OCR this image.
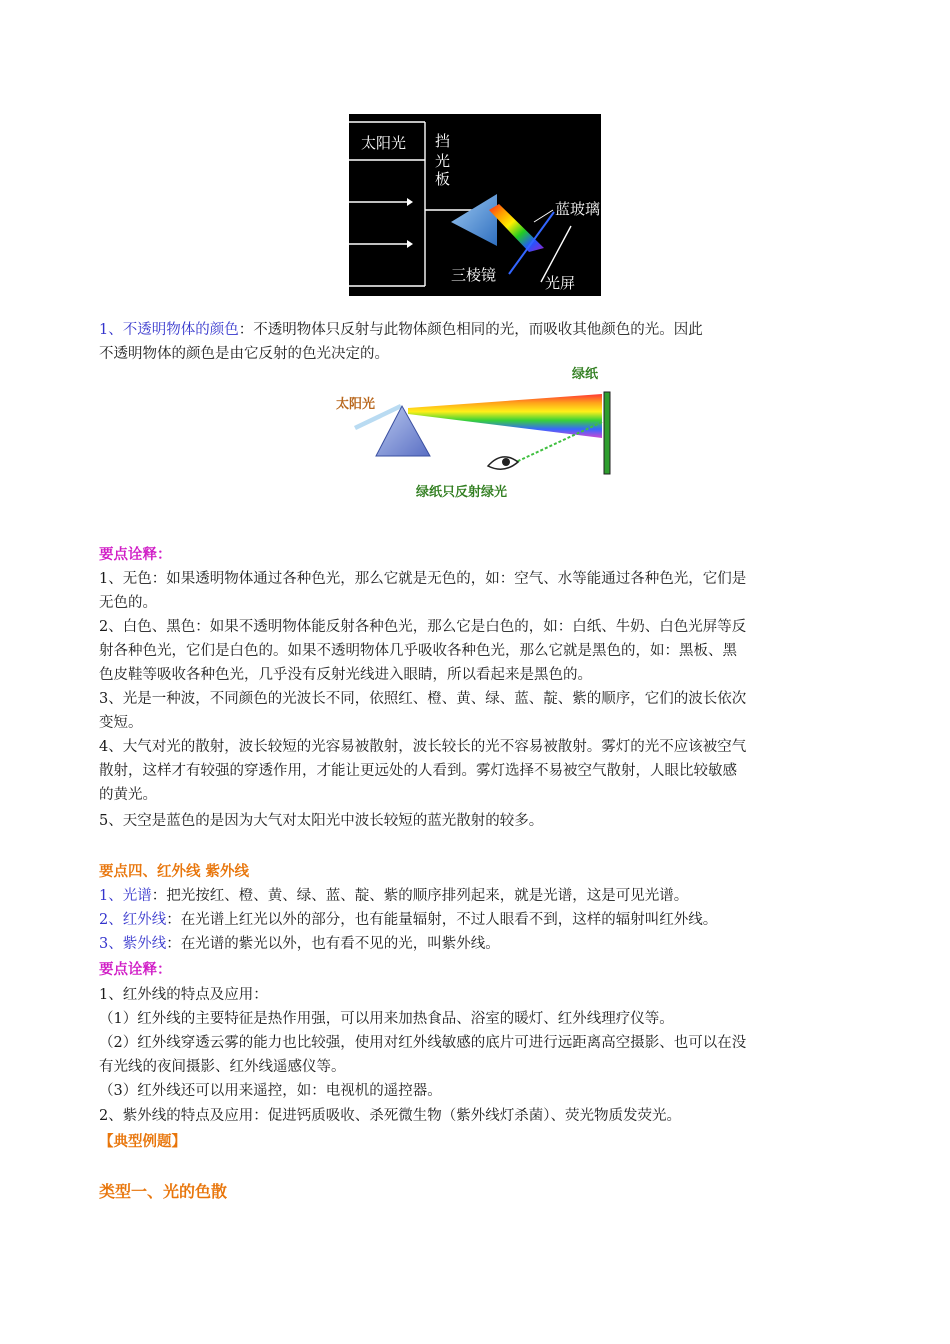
太阳光 挡
光
板
蓝玻璃
三棱镜	光屏
1、不透明物体的颜色：不透明物体只反射与此物体颜色相同的光，而吸收其他颜色的光。因此
不透明物体的颜色是由它反射的色光决定的。
绿纸
太阳光
绿纸只反射绿光
要点诠释：
1、无色：如果透明物体通过各种色光，那么它就是无色的，如：空气、水等能通过各种色光，它们是
无色的。
2、白色、黑色：如果不透明物体能反射各种色光，那么它是白色的，如：白纸、牛奶、白色光屏等反
射各种色光，它们是白色的。如果不透明物体几乎吸收各种色光，那么它就是黑色的，如：黑板、黑
色皮鞋等吸收各种色光，几乎没有反射光线进入眼睛，所以看起来是黑色的。
3、光是一种波，不同颜色的光波长不同，依照红、橙、黄、绿、蓝、靛、紫的顺序，它们的波长依次
变短。
4、大气对光的散射，波长较短的光容易被散射，波长较长的光不容易被散射。雾灯的光不应该被空气
散射，这样才有较强的穿透作用，才能让更远处的人看到。雾灯选择不易被空气散射，人眼比较敏感
的黄光。
5、天空是蓝色的是因为大气对太阳光中波长较短的蓝光散射的较多。
要点四、红外线 紫外线
1、光谱：把光按红、橙、黄、绿、蓝、靛、紫的顺序排列起来，就是光谱，这是可见光谱。
2、红外线：在光谱上红光以外的部分，也有能量辐射，不过人眼看不到，这样的辐射叫红外线。
3、紫外线：在光谱的紫光以外，也有看不见的光，叫紫外线。
要点诠释：
1、红外线的特点及应用：
（1）红外线的主要特征是热作用强，可以用来加热食品、浴室的暖灯、红外线理疗仪等。
（2）红外线穿透云雾的能力也比较强，使用对红外线敏感的底片可进行远距离高空摄影、也可以在没
有光线的夜间摄影、红外线遥感仪等。
（3）红外线还可以用来遥控，如：电视机的遥控器。
2、紫外线的特点及应用：促进钙质吸收、杀死微生物（紫外线灯杀菌）、荧光物质发荧光。
【典型例题】
类型一、光的色散
